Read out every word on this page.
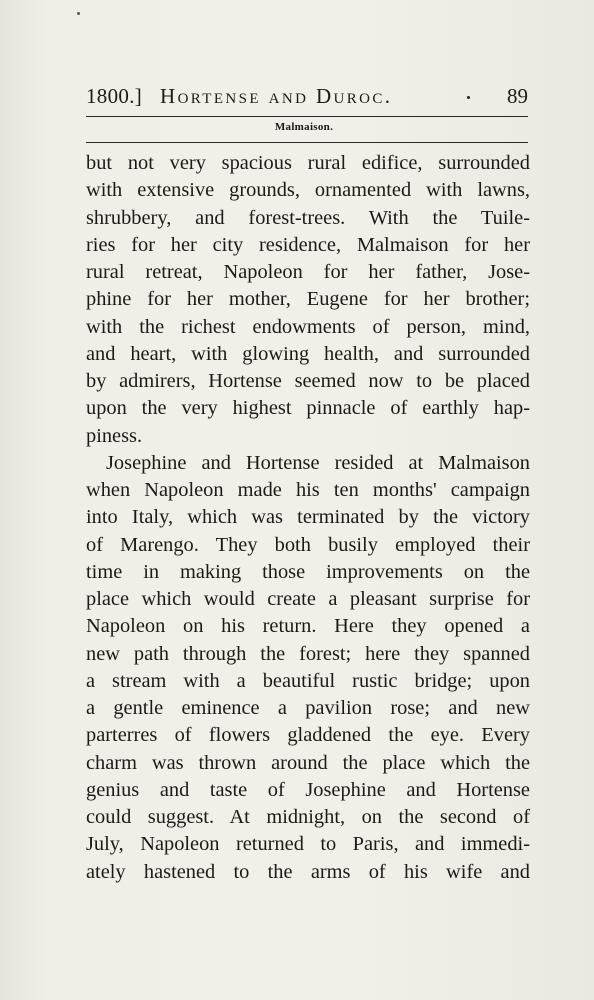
1800.] Hortense and Duroc.	89
Malmaison.
but not very spacious rural edifice, surrounded
with extensive grounds, ornamented with lawns,
shrubbery, and forest-trees. With the Tuile-
ries for her city residence, Malmaison for her
rural retreat, Napoleon for her father, Jose-
phine for her mother, Eugene for her brother;
with the richest endowments of person, mind,
and heart, with glowing health, and surrounded
by admirers, Hortense seemed now to be placed
upon the very highest pinnacle of earthly hap-
piness.
Josephine and Hortense resided at Malmaison
when Napoleon made his ten months' campaign
into Italy, which was terminated by the victory
of Marengo. They both busily employed their
time in making those improvements on the
place which would create a pleasant surprise for
Napoleon on his return. Here they opened a
new path through the forest; here they spanned
a stream with a beautiful rustic bridge; upon
a gentle eminence a pavilion rose; and new
parterres of flowers gladdened the eye. Every
charm was thrown around the place which the
genius and taste of Josephine and Hortense
could suggest. At midnight, on the second of
July, Napoleon returned to Paris, and immedi-
ately hastened to the arms of his wife and
